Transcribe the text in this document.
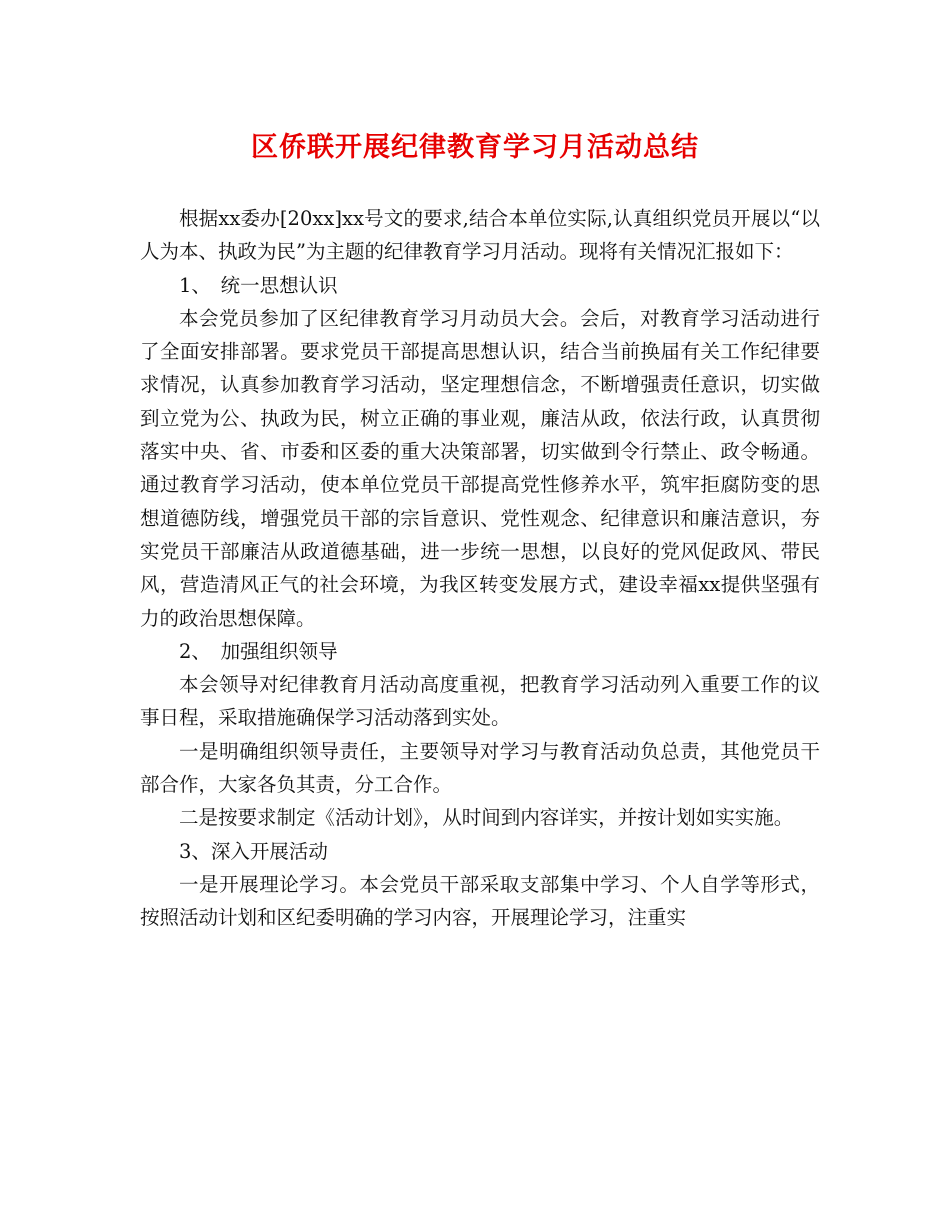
区侨联开展纪律教育学习月活动总结

根据xx委办[20xx]xx号文的要求,结合本单位实际,认真组织党员开展以“以人为本、执政为民”为主题的纪律教育学习月活动。现将有关情况汇报如下：

1、　统一思想认识

本会党员参加了区纪律教育学习月动员大会。会后，对教育学习活动进行了全面安排部署。要求党员干部提高思想认识，结合当前换届有关工作纪律要求情况，认真参加教育学习活动，坚定理想信念，不断增强责任意识，切实做到立党为公、执政为民，树立正确的事业观，廉洁从政，依法行政，认真贯彻落实中央、省、市委和区委的重大决策部署，切实做到令行禁止、政令畅通。通过教育学习活动，使本单位党员干部提高党性修养水平，筑牢拒腐防变的思想道德防线，增强党员干部的宗旨意识、党性观念、纪律意识和廉洁意识，夯实党员干部廉洁从政道德基础，进一步统一思想，以良好的党风促政风、带民风，营造清风正气的社会环境，为我区转变发展方式，建设幸福xx提供坚强有力的政治思想保障。

2、　加强组织领导

本会领导对纪律教育月活动高度重视，把教育学习活动列入重要工作的议事日程，采取措施确保学习活动落到实处。

一是明确组织领导责任，主要领导对学习与教育活动负总责，其他党员干部合作，大家各负其责，分工合作。

二是按要求制定《活动计划》，从时间到内容详实，并按计划如实实施。

3、深入开展活动

一是开展理论学习。本会党员干部采取支部集中学习、个人自学等形式，按照活动计划和区纪委明确的学习内容，开展理论学习，注重实
